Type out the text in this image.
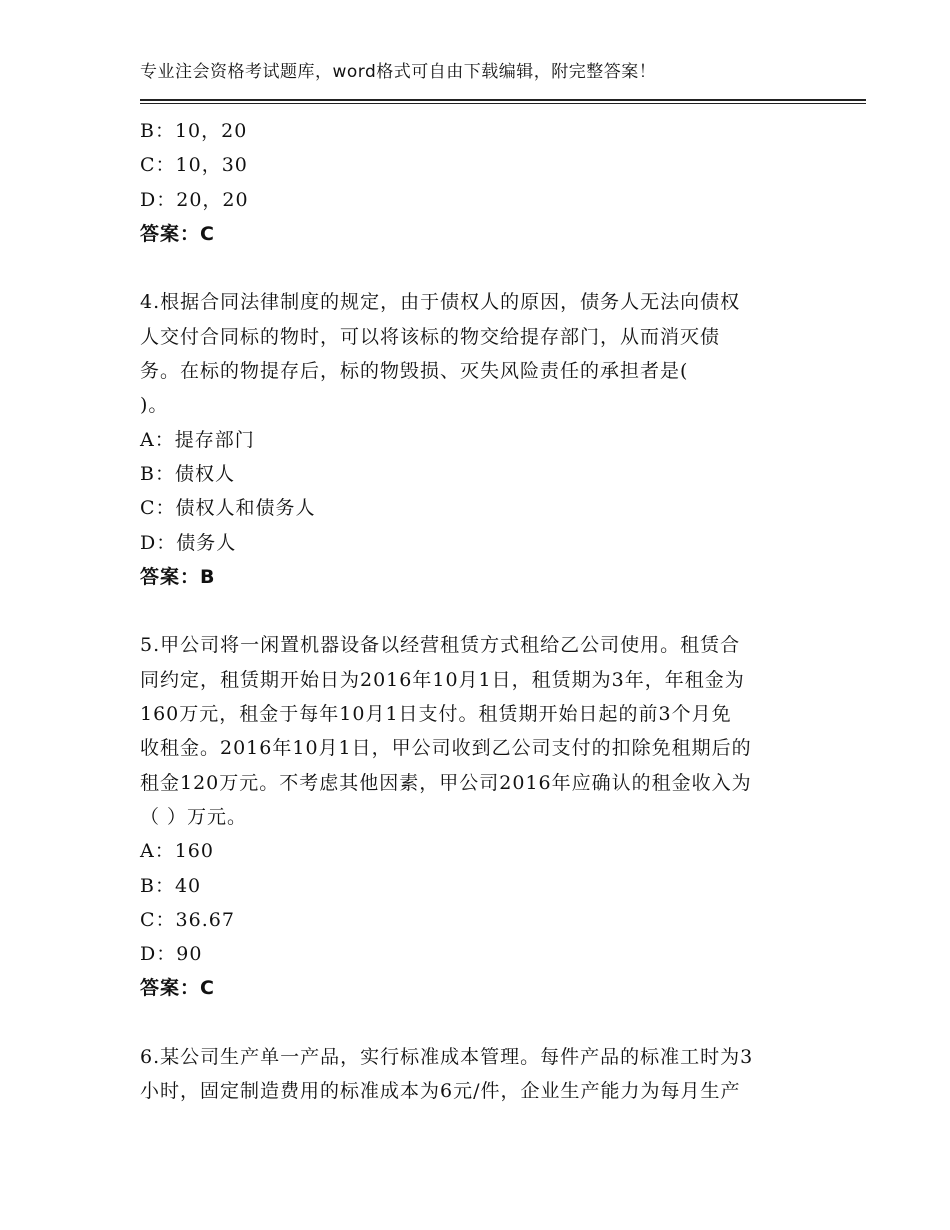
专业注会资格考试题库，word格式可自由下载编辑，附完整答案！
B：10，20
C：10，30
D：20，20
答案：C
4.根据合同法律制度的规定，由于债权人的原因，债务人无法向债权
人交付合同标的物时，可以将该标的物交给提存部门，从而消灭债
务。在标的物提存后，标的物毁损、灭失风险责任的承担者是(
)。
A：提存部门
B：债权人
C：债权人和债务人
D：债务人
答案：B
5.甲公司将一闲置机器设备以经营租赁方式租给乙公司使用。租赁合
同约定，租赁期开始日为2016年10月1日，租赁期为3年，年租金为
160万元，租金于每年10月1日支付。租赁期开始日起的前3个月免
收租金。2016年10月1日，甲公司收到乙公司支付的扣除免租期后的
租金120万元。不考虑其他因素，甲公司2016年应确认的租金收入为
（ ）万元。
A：160
B：40
C：36.67
D：90
答案：C
6.某公司生产单一产品，实行标准成本管理。每件产品的标准工时为3
小时，固定制造费用的标准成本为6元/件，企业生产能力为每月生产
